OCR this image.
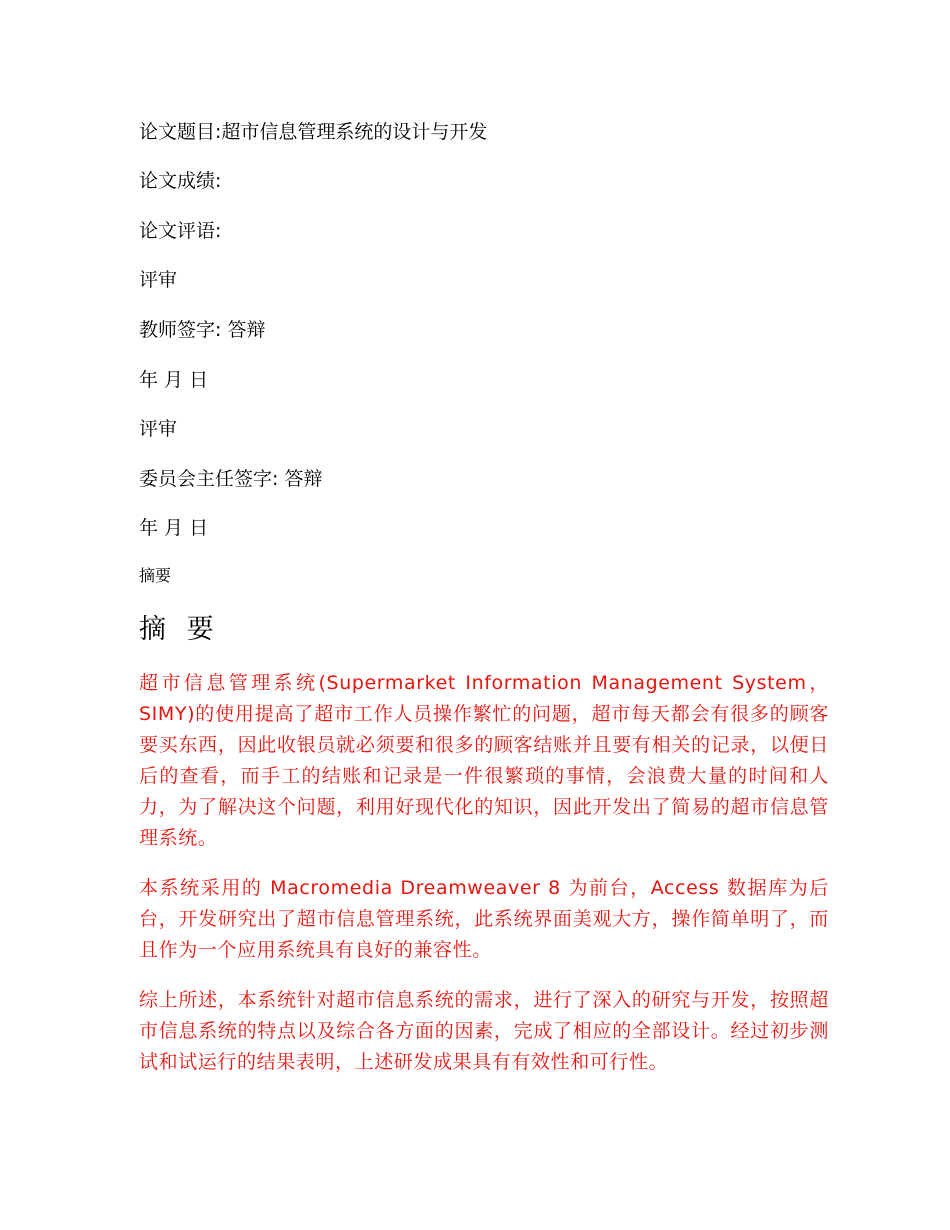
论文题目:超市信息管理系统的设计与开发
论文成绩:
论文评语:
评审
教师签字: 答辩
年 月 日
评审
委员会主任签字: 答辩
年 月 日
摘要
摘 要
超市信息管理系统(Supermarket Information Management System，SIMY)的使用提高了超市工作人员操作繁忙的问题，超市每天都会有很多的顾客要买东西，因此收银员就必须要和很多的顾客结账并且要有相关的记录，以便日后的查看，而手工的结账和记录是一件很繁琐的事情，会浪费大量的时间和人力，为了解决这个问题，利用好现代化的知识，因此开发出了简易的超市信息管理系统。
本系统采用的 Macromedia Dreamweaver 8 为前台，Access 数据库为后台，开发研究出了超市信息管理系统，此系统界面美观大方，操作简单明了，而且作为一个应用系统具有良好的兼容性。
综上所述，本系统针对超市信息系统的需求，进行了深入的研究与开发，按照超市信息系统的特点以及综合各方面的因素，完成了相应的全部设计。经过初步测试和试运行的结果表明，上述研发成果具有有效性和可行性。
